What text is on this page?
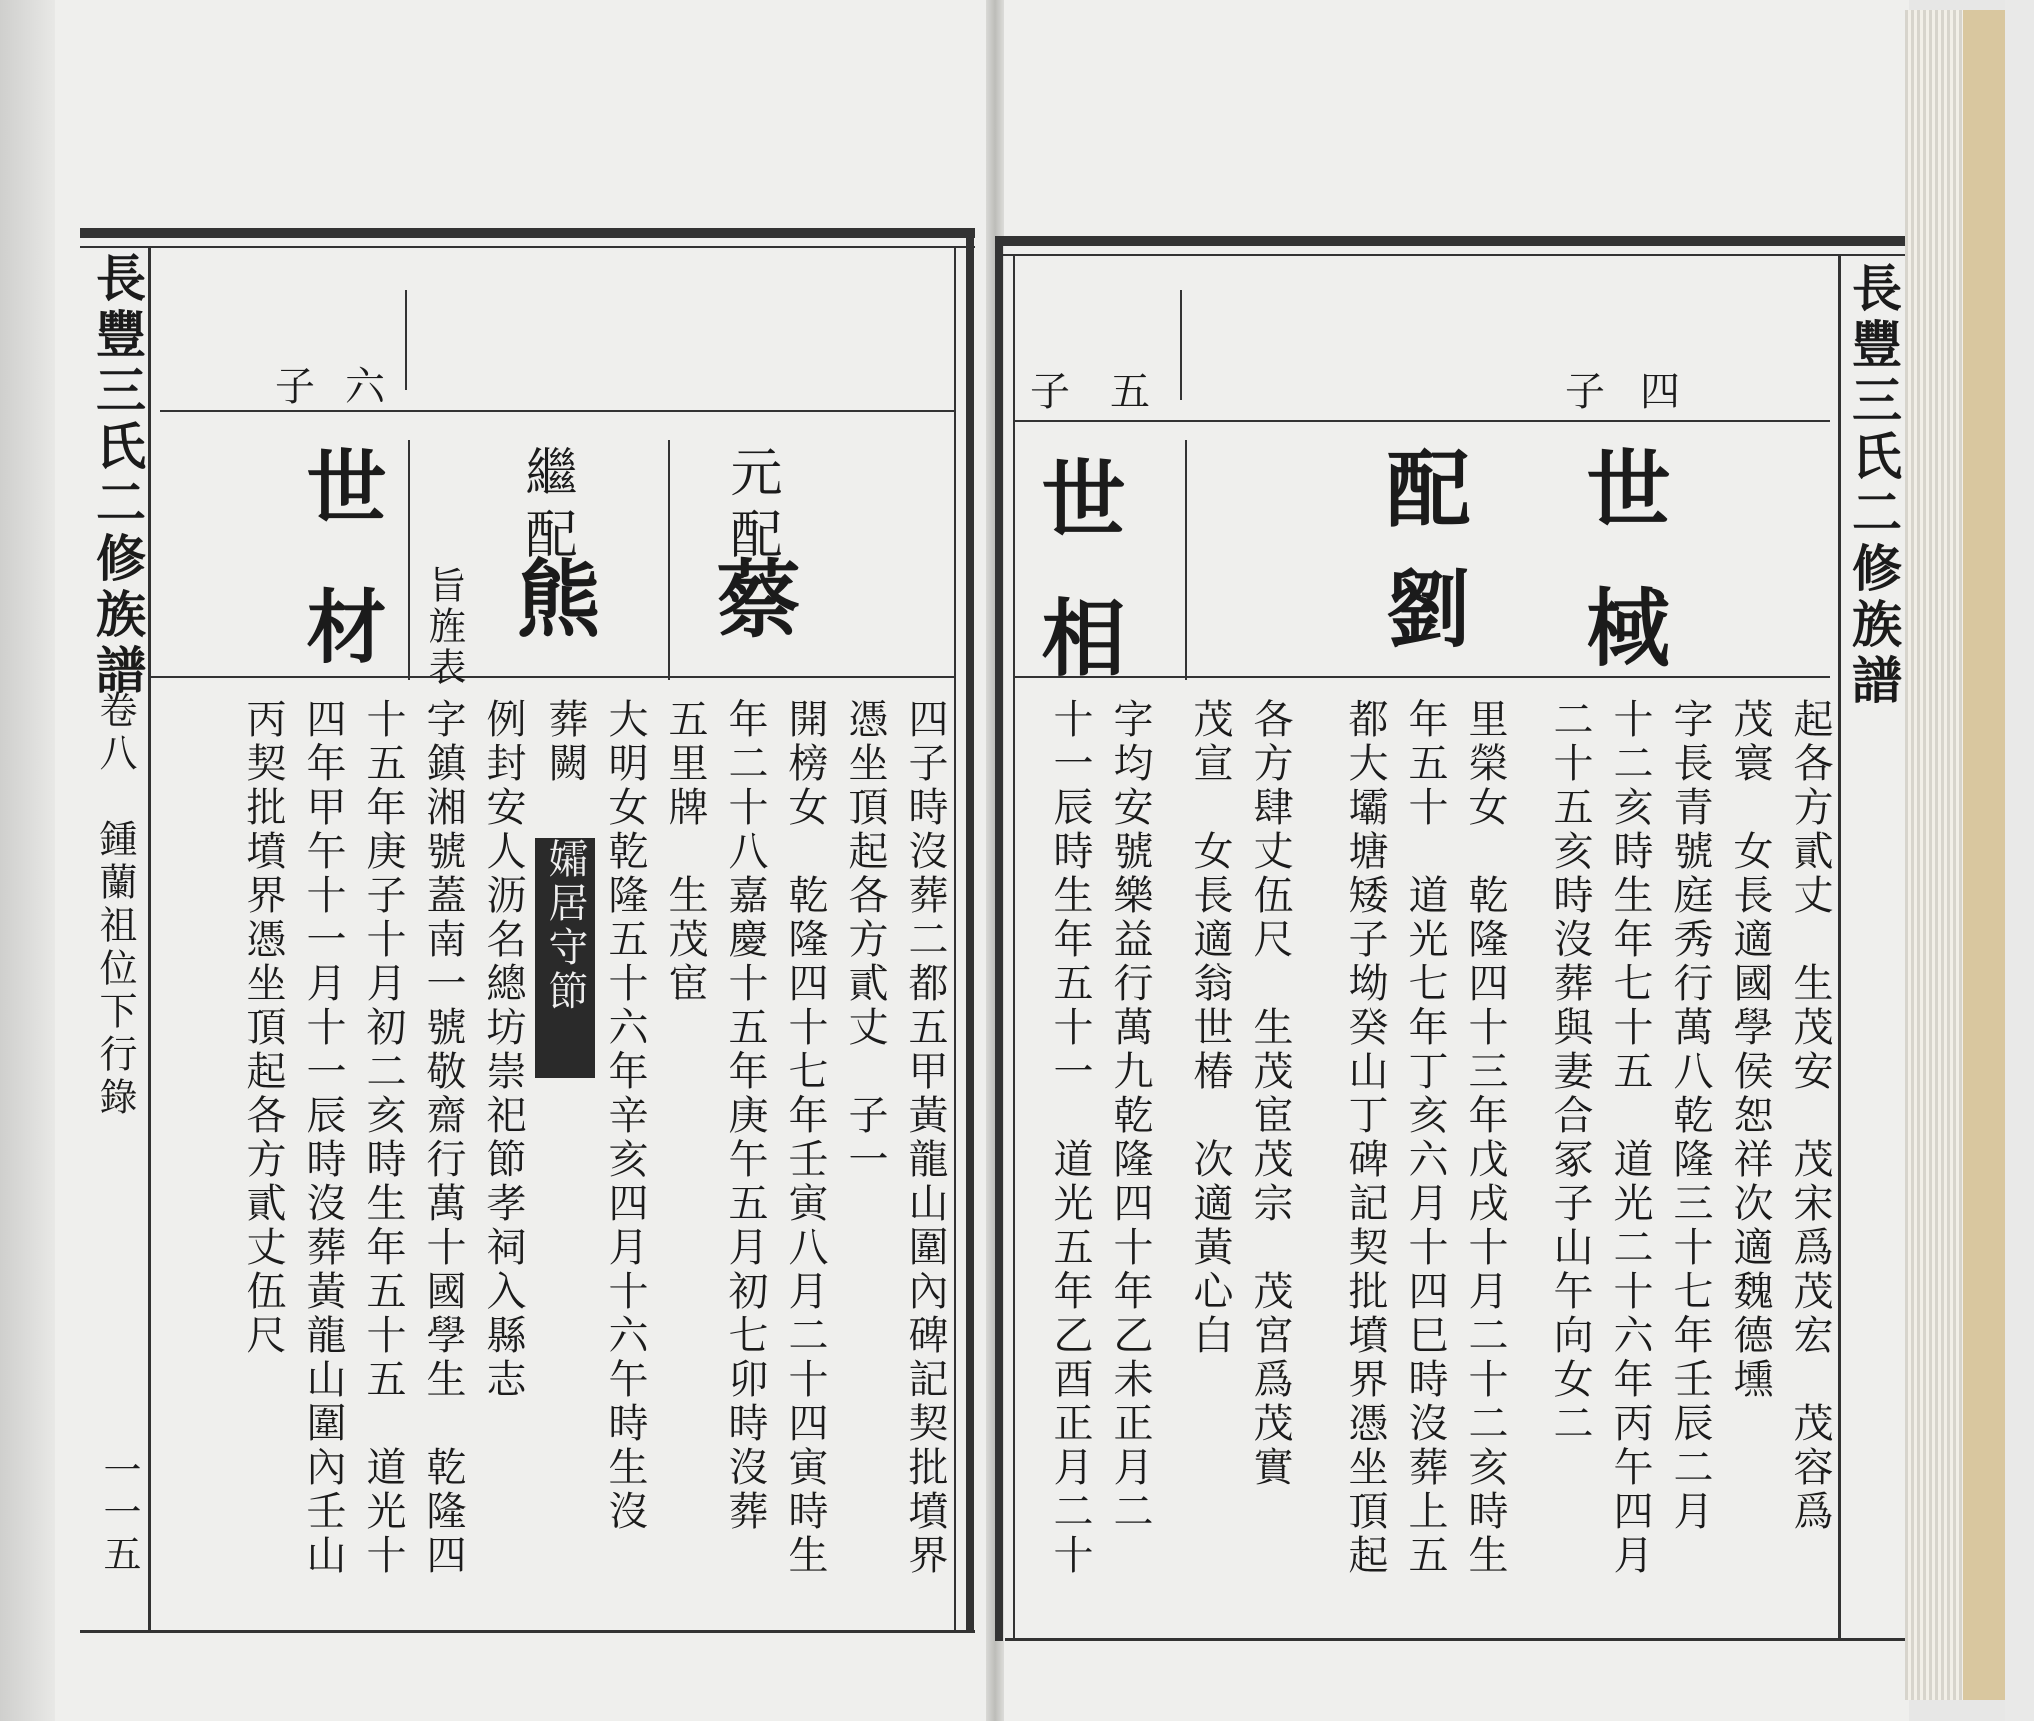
長豐三氏二修族譜
卷八　鍾蘭祖位下行錄
一一五
六
子
世材	元配
蔡
繼配
熊
旨旌表
四子時沒葬二都五甲黃龍山圍內碑記契批墳界
憑坐頂起各方貳丈　子一
開榜女　乾隆四十七年壬寅八月二十四寅時生
年二十八嘉慶十五年庚午五月初七卯時沒葬
五里牌　生茂宦
大明女乾隆五十六年辛亥四月十六午時生沒
葬闕
孀居守節
例封安人沥名總坊崇祀節孝祠入縣志
字鎮湘號蓋南一號敬齋行萬十國學生　乾隆四
十五年庚子十月初二亥時生年五十五　道光十
四年甲午十一月十一辰時沒葬黃龍山圍內壬山
丙契批墳界憑坐頂起各方貳丈伍尺
長豐三氏二修族譜
四
子
五
子
世棫
配
劉
世相
起各方貳丈　生茂安　茂宋爲茂宏　茂容爲
茂寰　女長適國學侯恕祥次適魏德壎
字長青號庭秀行萬八乾隆三十七年壬辰二月
十二亥時生年七十五　道光二十六年丙午四月
二十五亥時沒葬與妻合冢子山午向女二
里榮女　乾隆四十三年戊戌十月二十二亥時生
年五十　道光七年丁亥六月十四巳時沒葬上五
都大壩塘矮子坳癸山丁碑記契批墳界憑坐頂起
各方肆丈伍尺　生茂宦茂宗　茂宮爲茂實
茂宣　女長適翁世椿　次適黃心白
字均安號樂益行萬九乾隆四十年乙未正月二
十一辰時生年五十一　道光五年乙酉正月二十
